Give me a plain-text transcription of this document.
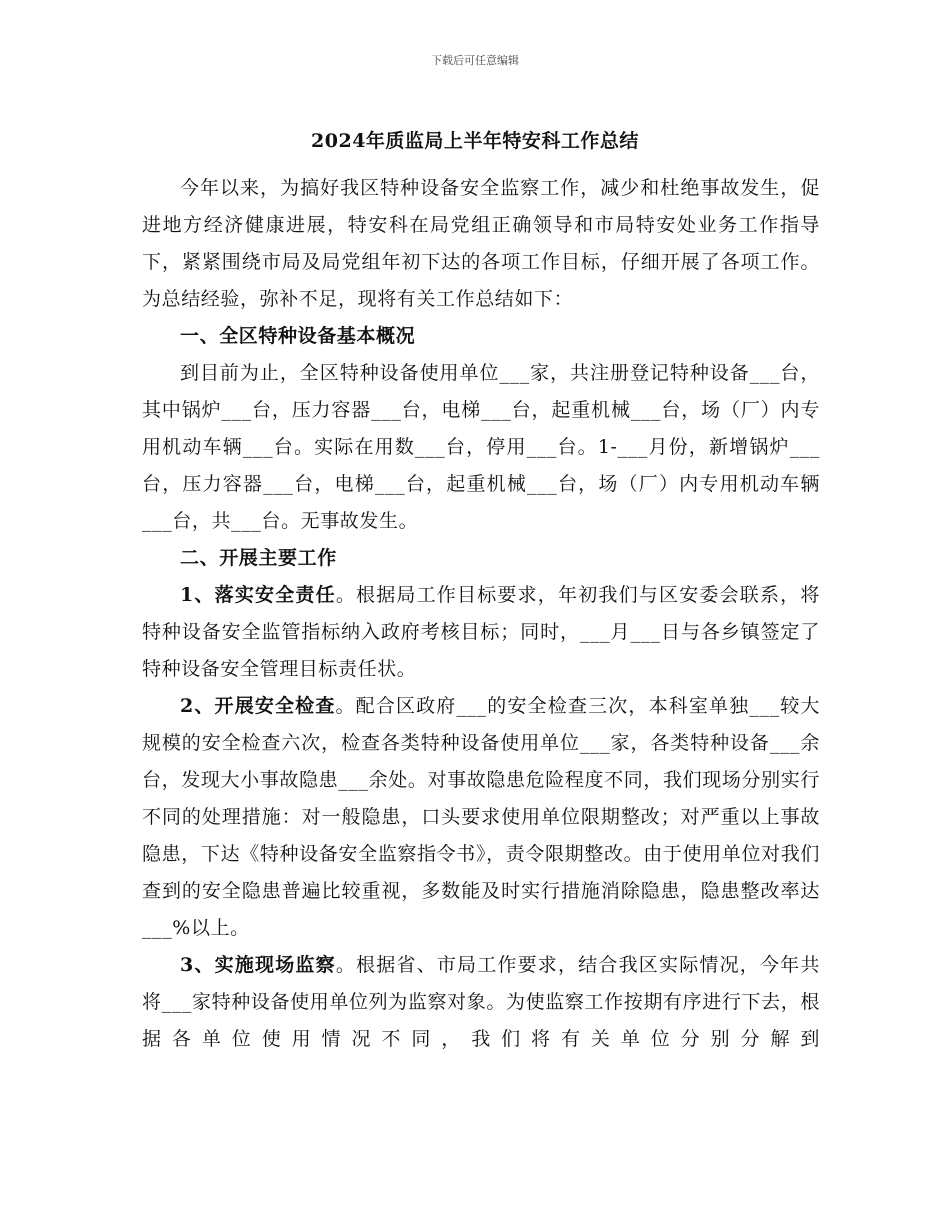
下载后可任意编辑
2024年质监局上半年特安科工作总结

今年以来，为搞好我区特种设备安全监察工作，减少和杜绝事故发生，促进地方经济健康进展，特安科在局党组正确领导和市局特安处业务工作指导下，紧紧围绕市局及局党组年初下达的各项工作目标，仔细开展了各项工作。为总结经验，弥补不足，现将有关工作总结如下：

一、全区特种设备基本概况

到目前为止，全区特种设备使用单位___家，共注册登记特种设备___台，其中锅炉___台，压力容器___台，电梯___台，起重机械___台，场（厂）内专用机动车辆___台。实际在用数___台，停用___台。1-___月份，新增锅炉___台，压力容器___台，电梯___台，起重机械___台，场（厂）内专用机动车辆___台，共___台。无事故发生。

二、开展主要工作

1、落实安全责任。根据局工作目标要求，年初我们与区安委会联系，将特种设备安全监管指标纳入政府考核目标；同时，___月___日与各乡镇签定了特种设备安全管理目标责任状。

2、开展安全检查。配合区政府___的安全检查三次，本科室单独___较大规模的安全检查六次，检查各类特种设备使用单位___家，各类特种设备___余台，发现大小事故隐患___余处。对事故隐患危险程度不同，我们现场分别实行不同的处理措施：对一般隐患，口头要求使用单位限期整改；对严重以上事故隐患，下达《特种设备安全监察指令书》，责令限期整改。由于使用单位对我们查到的安全隐患普遍比较重视，多数能及时实行措施消除隐患，隐患整改率达___%以上。

3、实施现场监察。根据省、市局工作要求，结合我区实际情况，今年共将___家特种设备使用单位列为监察对象。为使监察工作按期有序进行下去，根据各单位使用情况不同，我们将有关单位分别分解到
